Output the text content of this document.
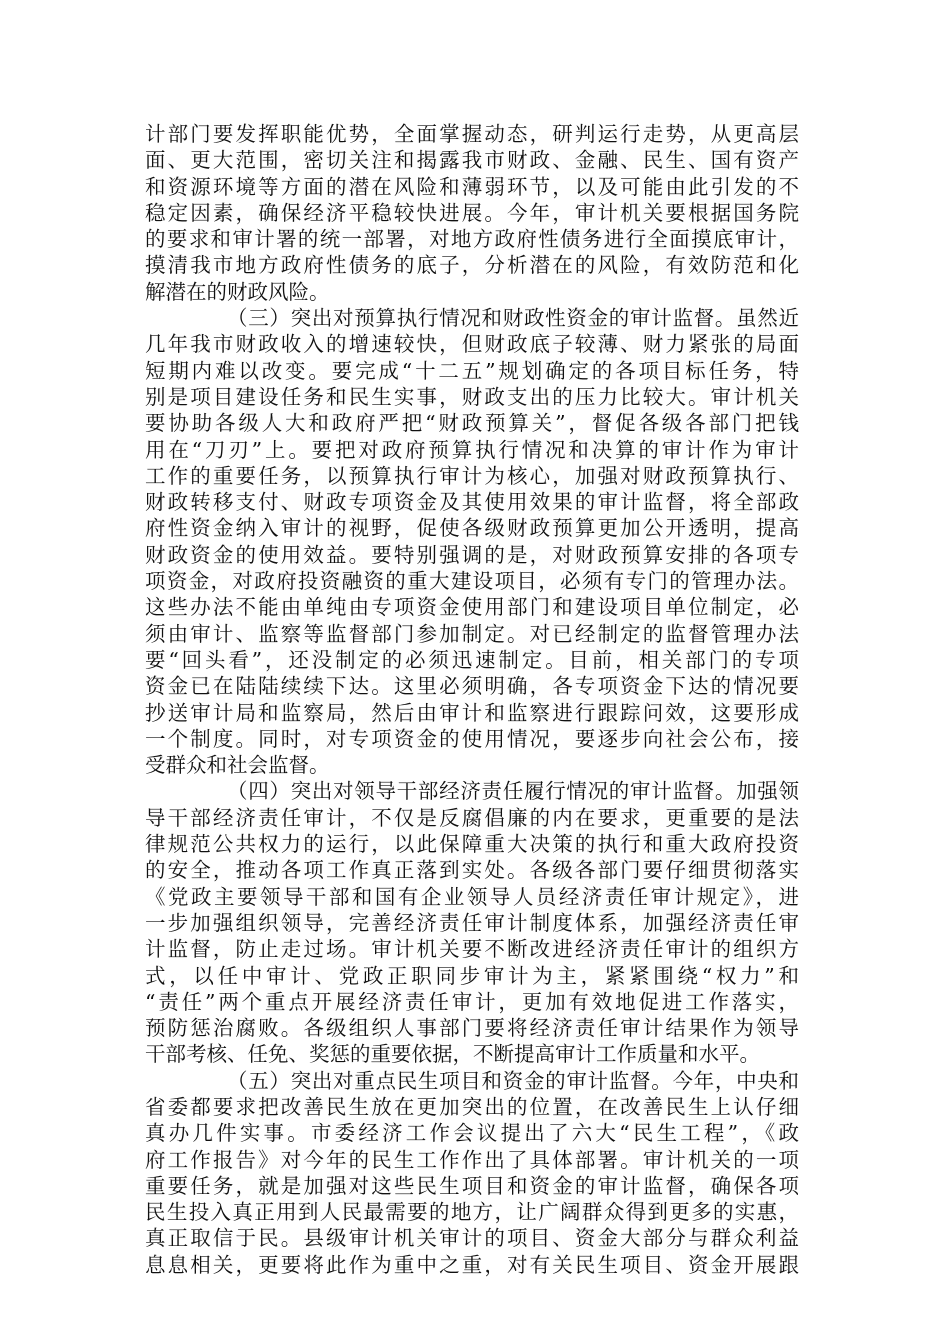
计部门要发挥职能优势，全面掌握动态，研判运行走势，从更高层
面、更大范围，密切关注和揭露我市财政、金融、民生、国有资产
和资源环境等方面的潜在风险和薄弱环节，以及可能由此引发的不
稳定因素，确保经济平稳较快进展。今年，审计机关要根据国务院
的要求和审计署的统一部署，对地方政府性债务进行全面摸底审计，
摸清我市地方政府性债务的底子，分析潜在的风险，有效防范和化
解潜在的财政风险。
（三）突出对预算执行情况和财政性资金的审计监督。虽然近
几年我市财政收入的增速较快，但财政底子较薄、财力紧张的局面
短期内难以改变。要完成“十二五”规划确定的各项目标任务，特
别是项目建设任务和民生实事，财政支出的压力比较大。审计机关
要协助各级人大和政府严把“财政预算关”，督促各级各部门把钱
用在“刀刃”上。要把对政府预算执行情况和决算的审计作为审计
工作的重要任务，以预算执行审计为核心，加强对财政预算执行、
财政转移支付、财政专项资金及其使用效果的审计监督，将全部政
府性资金纳入审计的视野，促使各级财政预算更加公开透明，提高
财政资金的使用效益。要特别强调的是，对财政预算安排的各项专
项资金，对政府投资融资的重大建设项目，必须有专门的管理办法。
这些办法不能由单纯由专项资金使用部门和建设项目单位制定，必
须由审计、监察等监督部门参加制定。对已经制定的监督管理办法
要“回头看”，还没制定的必须迅速制定。目前，相关部门的专项
资金已在陆陆续续下达。这里必须明确，各专项资金下达的情况要
抄送审计局和监察局，然后由审计和监察进行跟踪问效，这要形成
一个制度。同时，对专项资金的使用情况，要逐步向社会公布，接
受群众和社会监督。
（四）突出对领导干部经济责任履行情况的审计监督。加强领
导干部经济责任审计，不仅是反腐倡廉的内在要求，更重要的是法
律规范公共权力的运行，以此保障重大决策的执行和重大政府投资
的安全，推动各项工作真正落到实处。各级各部门要仔细贯彻落实
《党政主要领导干部和国有企业领导人员经济责任审计规定》，进
一步加强组织领导，完善经济责任审计制度体系，加强经济责任审
计监督，防止走过场。审计机关要不断改进经济责任审计的组织方
式，以任中审计、党政正职同步审计为主，紧紧围绕“权力”和
“责任”两个重点开展经济责任审计，更加有效地促进工作落实，
预防惩治腐败。各级组织人事部门要将经济责任审计结果作为领导
干部考核、任免、奖惩的重要依据，不断提高审计工作质量和水平。
（五）突出对重点民生项目和资金的审计监督。今年，中央和
省委都要求把改善民生放在更加突出的位置，在改善民生上认仔细
真办几件实事。市委经济工作会议提出了六大“民生工程”，《政
府工作报告》对今年的民生工作作出了具体部署。审计机关的一项
重要任务，就是加强对这些民生项目和资金的审计监督，确保各项
民生投入真正用到人民最需要的地方，让广阔群众得到更多的实惠，
真正取信于民。县级审计机关审计的项目、资金大部分与群众利益
息息相关，更要将此作为重中之重，对有关民生项目、资金开展跟
